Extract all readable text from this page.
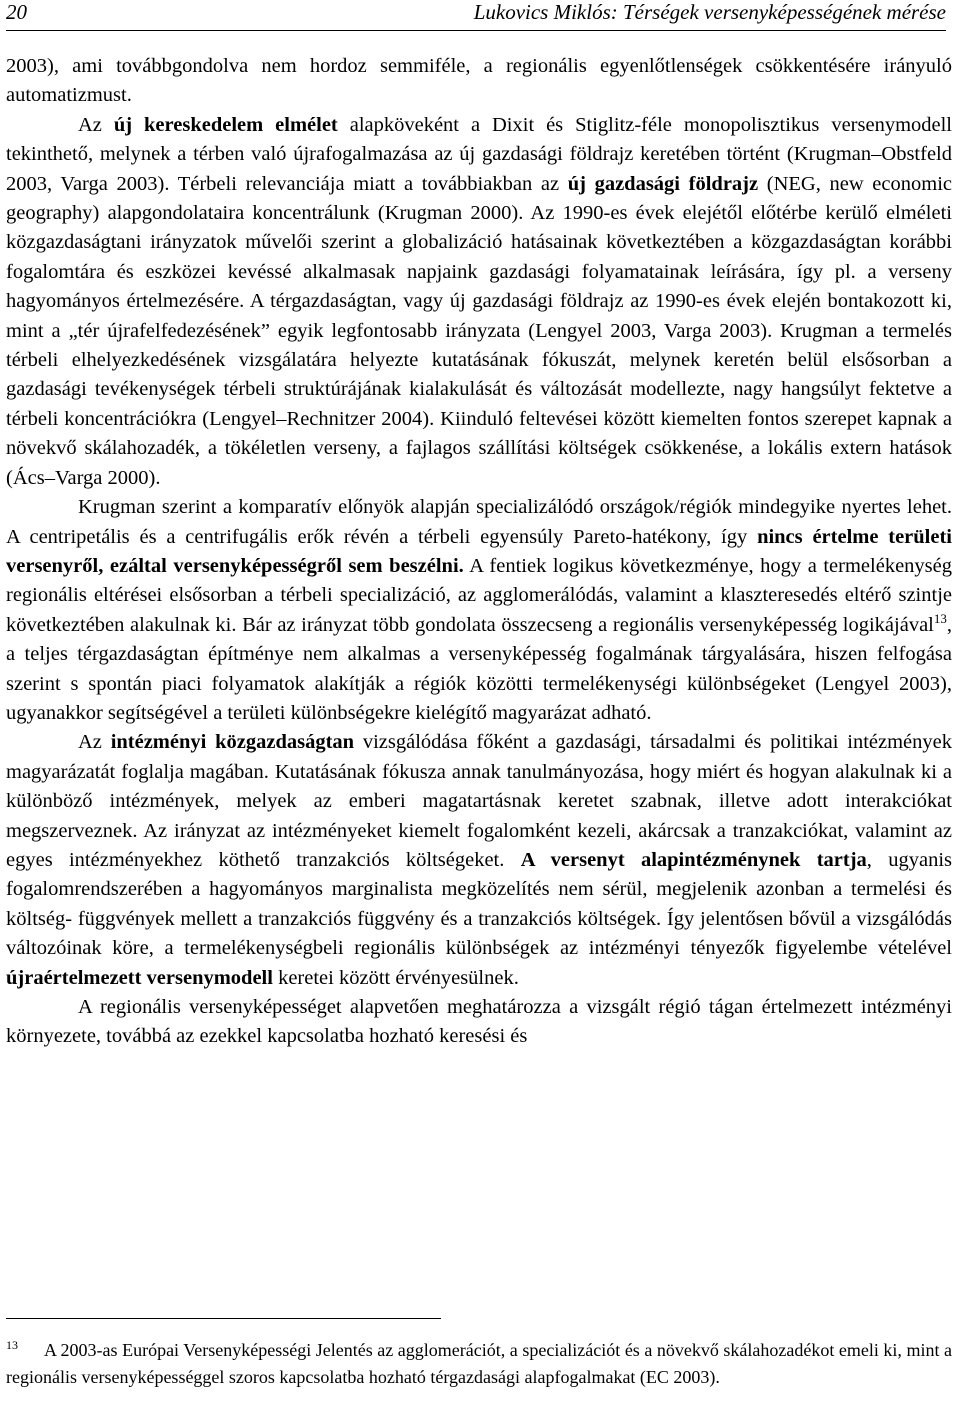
20	Lukovics Miklós: Térségek versenyképességének mérése

2003), ami továbbgondolva nem hordoz semmiféle, a regionális egyenlőtlenségek csökkentésére irányuló automatizmust.

Az új kereskedelem elmélet alapköveként a Dixit és Stiglitz-féle monopolisztikus versenymodell tekinthető, melynek a térben való újrafogalmazása az új gazdasági földrajz keretében történt (Krugman–Obstfeld 2003, Varga 2003). Térbeli relevanciája miatt a továbbiakban az új gazdasági földrajz (NEG, new economic geography) alapgondolataira koncentrálunk (Krugman 2000). Az 1990-es évek elejétől előtérbe kerülő elméleti közgazdaságtani irányzatok művelői szerint a globalizáció hatásainak következtében a közgazdaságtan korábbi fogalomtára és eszközei kevéssé alkalmasak napjaink gazdasági folyamatainak leírására, így pl. a verseny hagyományos értelmezésére. A térgazdaságtan, vagy új gazdasági földrajz az 1990-es évek elején bontakozott ki, mint a „tér újrafelfedezésének” egyik legfontosabb irányzata (Lengyel 2003, Varga 2003). Krugman a termelés térbeli elhelyezkedésének vizsgálatára helyezte kutatásának fókuszát, melynek keretén belül elsősorban a gazdasági tevékenységek térbeli struktúrájának kialakulását és változását modellezte, nagy hangsúlyt fektetve a térbeli koncentrációkra (Lengyel–Rechnitzer 2004). Kiinduló feltevései között kiemelten fontos szerepet kapnak a növekvő skálahozadék, a tökéletlen verseny, a fajlagos szállítási költségek csökkenése, a lokális extern hatások (Ács–Varga 2000).

Krugman szerint a komparatív előnyök alapján specializálódó országok/régiók mindegyike nyertes lehet. A centripetális és a centrifugális erők révén a térbeli egyensúly Pareto-hatékony, így nincs értelme területi versenyről, ezáltal versenyképességről sem beszélni. A fentiek logikus következménye, hogy a termelékenység regionális eltérései elsősorban a térbeli specializáció, az agglomerálódás, valamint a klaszteresedés eltérő szintje következtében alakulnak ki. Bár az irányzat több gondolata összecseng a regionális versenyképesség logikájával$^{13}$, a teljes térgazdaságtan építménye nem alkalmas a versenyképesség fogalmának tárgyalására, hiszen felfogása szerint s spontán piaci folyamatok alakítják a régiók közötti termelékenységi különbségeket (Lengyel 2003), ugyanakkor segítségével a területi különbségekre kielégítő magyarázat adható.

Az intézményi közgazdaságtan vizsgálódása főként a gazdasági, társadalmi és politikai intézmények magyarázatát foglalja magában. Kutatásának fókusza annak tanulmányozása, hogy miért és hogyan alakulnak ki a különböző intézmények, melyek az emberi magatartásnak keretet szabnak, illetve adott interakciókat megszerveznek. Az irányzat az intézményeket kiemelt fogalomként kezeli, akárcsak a tranzakciókat, valamint az egyes intézményekhez köthető tranzakciós költségeket. A versenyt alapintézménynek tartja, ugyanis fogalomrendszerében a hagyományos marginalista megközelítés nem sérül, megjelenik azonban a termelési és költség- függvények mellett a tranzakciós függvény és a tranzakciós költségek. Így jelentősen bővül a vizsgálódás változóinak köre, a termelékenységbeli regionális különbségek az intézményi tényezők figyelembe vételével újraértelmezett versenymodell keretei között érvényesülnek.

A regionális versenyképességet alapvetően meghatározza a vizsgált régió tágan értelmezett intézményi környezete, továbbá az ezekkel kapcsolatba hozható keresési és

$^{13}$ A 2003-as Európai Versenyképességi Jelentés az agglomerációt, a specializációt és a növekvő skálahozadékot emeli ki, mint a regionális versenyképességgel szoros kapcsolatba hozható térgazdasági alapfogalmakat (EC 2003).
